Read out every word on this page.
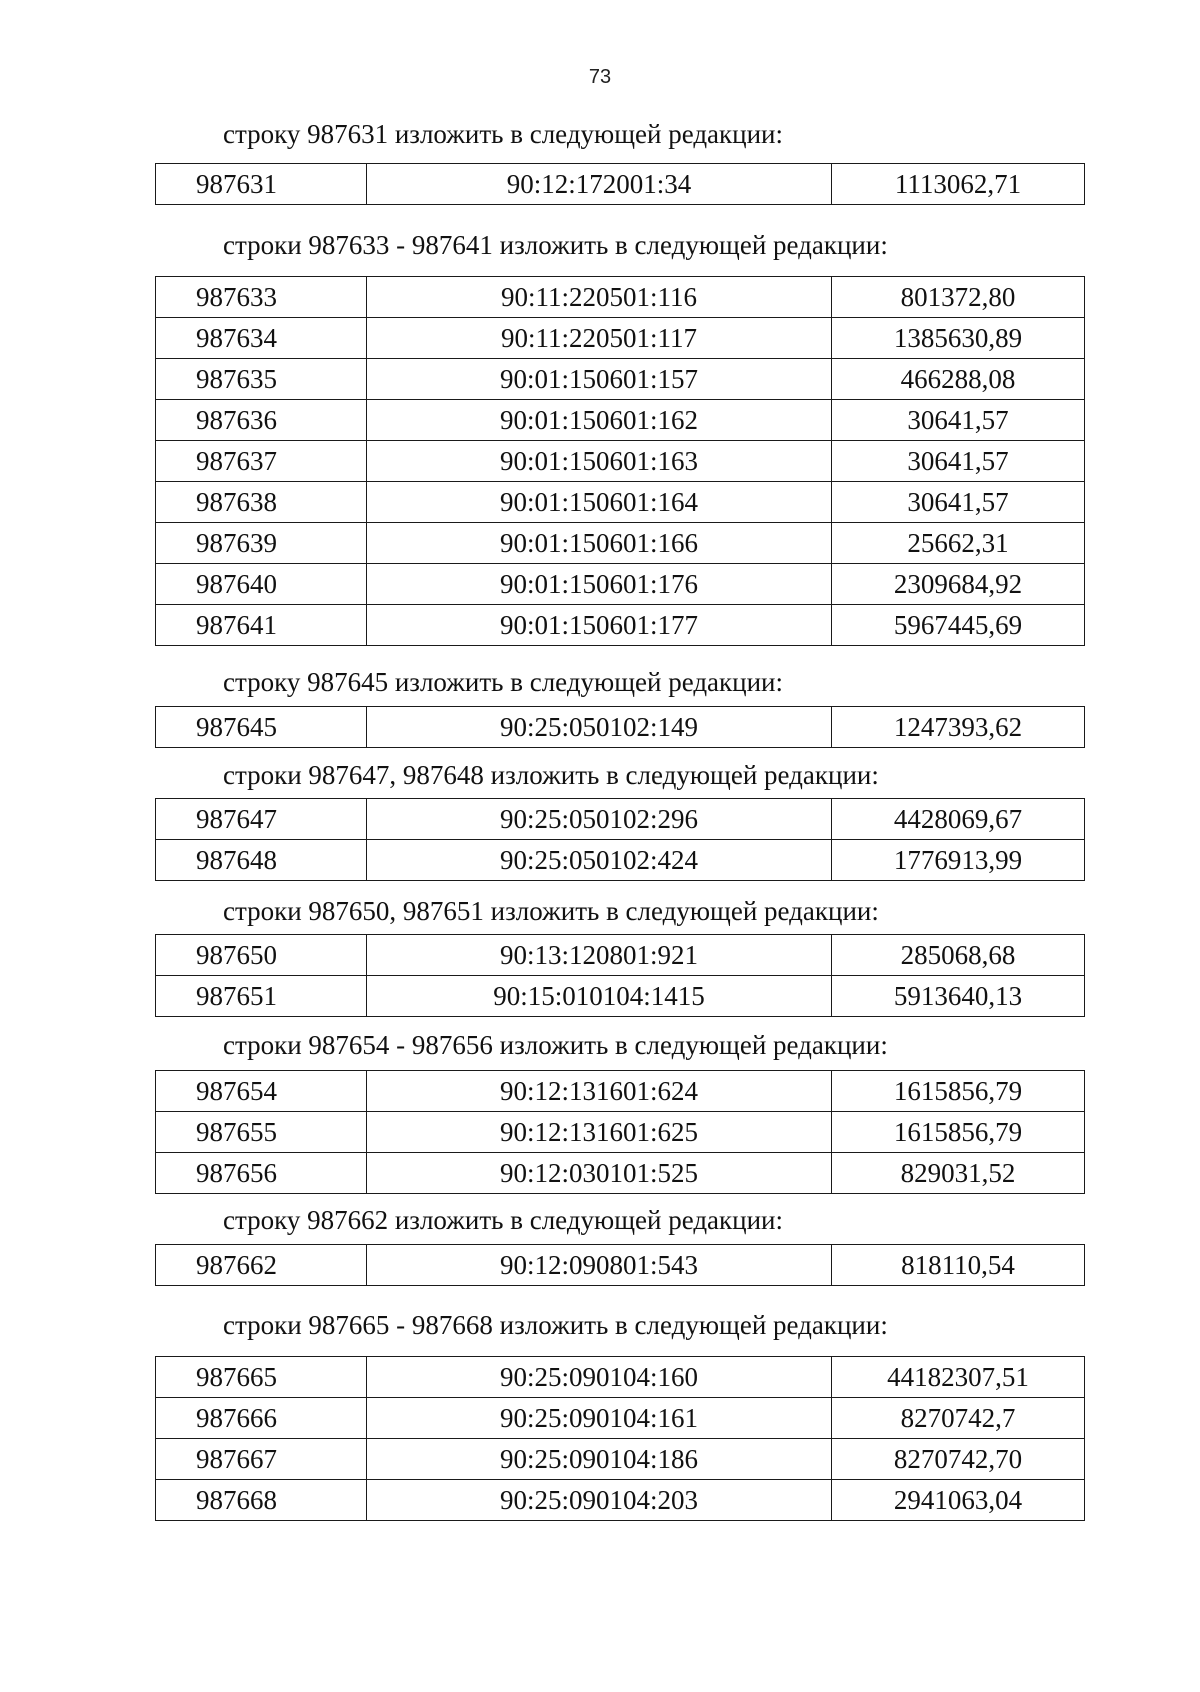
73
строку 987631 изложить в следующей редакции:
987631	90:12:172001:34	1113062,71
строки 987633 - 987641 изложить в следующей редакции:
987633	90:11:220501:116	801372,80
987634	90:11:220501:117	1385630,89
987635	90:01:150601:157	466288,08
987636	90:01:150601:162	30641,57
987637	90:01:150601:163	30641,57
987638	90:01:150601:164	30641,57
987639	90:01:150601:166	25662,31
987640	90:01:150601:176	2309684,92
987641	90:01:150601:177	5967445,69
строку 987645 изложить в следующей редакции:
987645	90:25:050102:149	1247393,62
строки 987647, 987648 изложить в следующей редакции:
987647	90:25:050102:296	4428069,67
987648	90:25:050102:424	1776913,99
строки 987650, 987651 изложить в следующей редакции:
987650	90:13:120801:921	285068,68
987651	90:15:010104:1415	5913640,13
строки 987654 - 987656 изложить в следующей редакции:
987654	90:12:131601:624	1615856,79
987655	90:12:131601:625	1615856,79
987656	90:12:030101:525	829031,52
строку 987662 изложить в следующей редакции:
987662	90:12:090801:543	818110,54
строки 987665 - 987668 изложить в следующей редакции:
987665	90:25:090104:160	44182307,51
987666	90:25:090104:161	8270742,7
987667	90:25:090104:186	8270742,70
987668	90:25:090104:203	2941063,04
